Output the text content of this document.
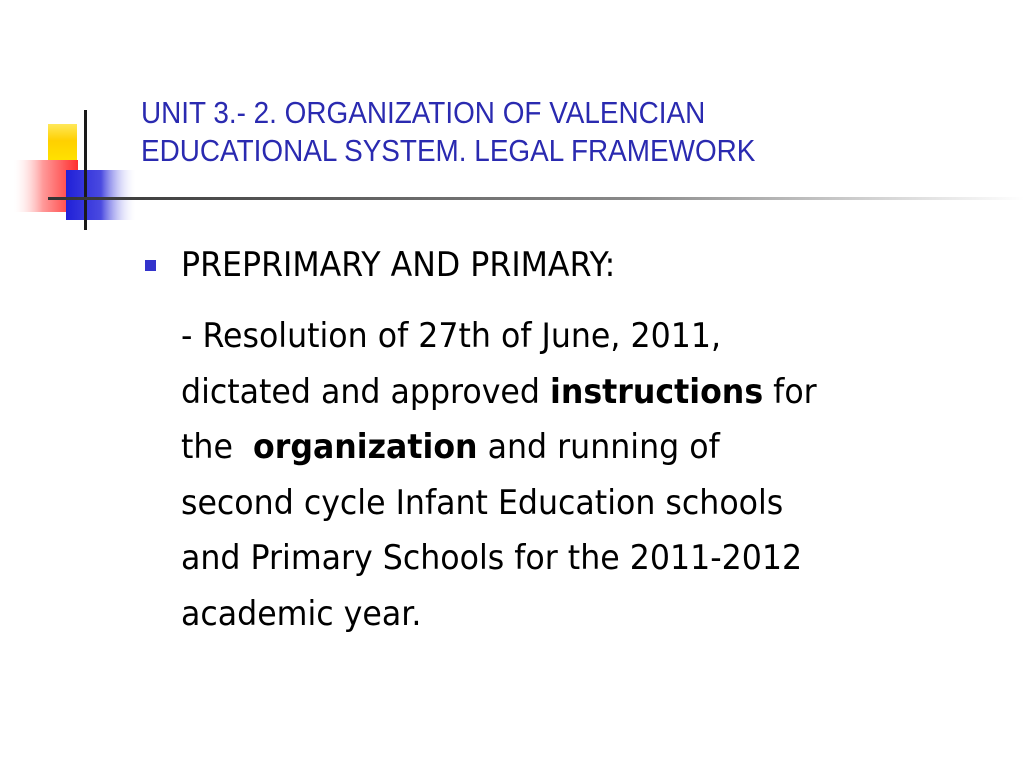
UNIT 3.- 2. ORGANIZATION OF VALENCIAN
EDUCATIONAL SYSTEM. LEGAL FRAMEWORK
PREPRIMARY AND PRIMARY:
- Resolution of 27th of June, 2011,
dictated and approved instructions for
the  organization and running of
second cycle Infant Education schools
and Primary Schools for the 2011-2012
academic year.
